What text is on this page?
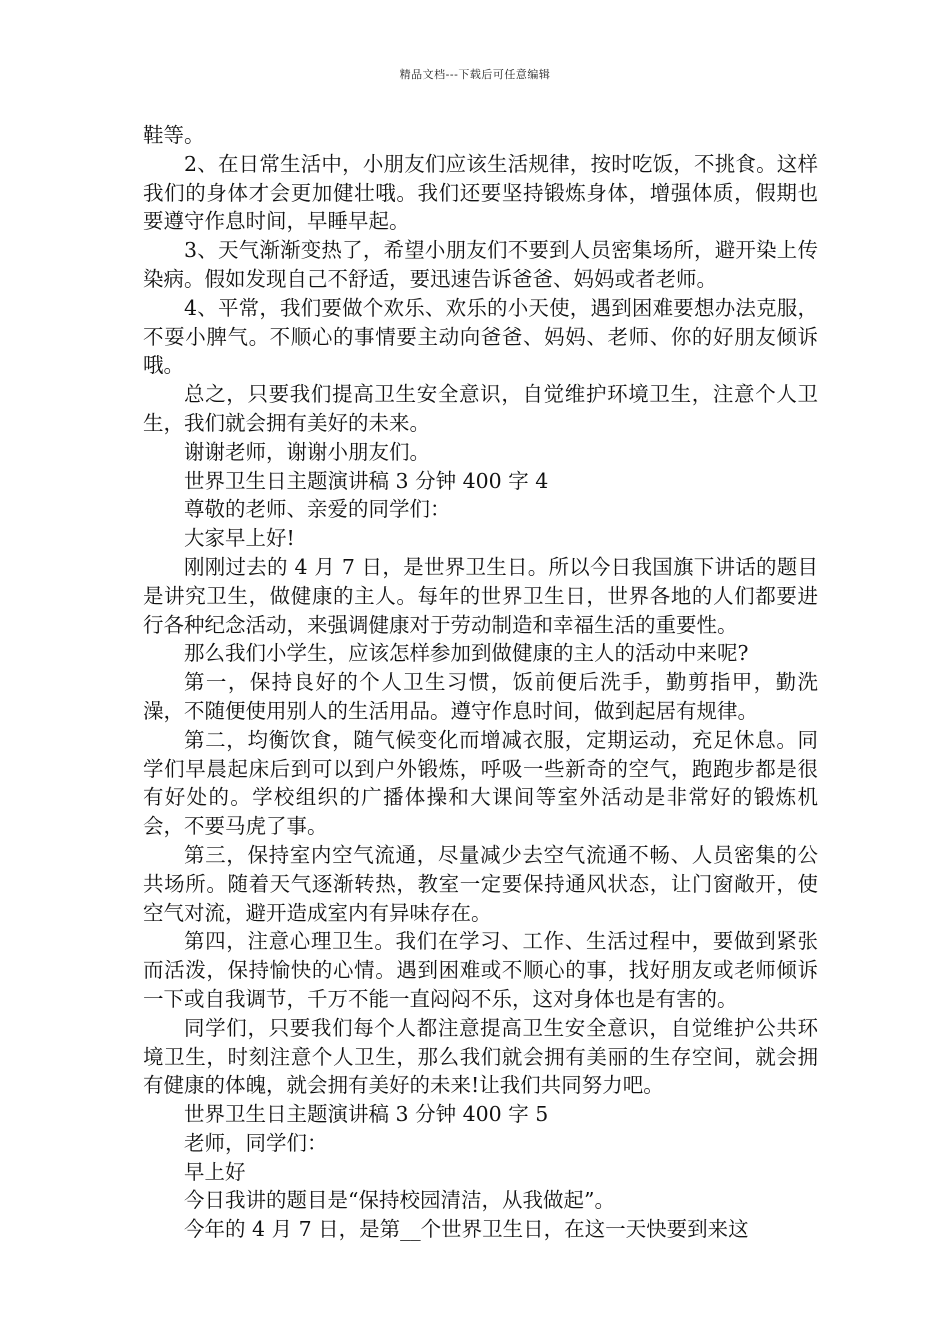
精品文档---下载后可任意编辑

鞋等。

2、在日常生活中，小朋友们应该生活规律，按时吃饭，不挑食。这样我们的身体才会更加健壮哦。我们还要坚持锻炼身体，增强体质，假期也要遵守作息时间，早睡早起。

3、天气渐渐变热了，希望小朋友们不要到人员密集场所，避开染上传染病。假如发现自己不舒适，要迅速告诉爸爸、妈妈或者老师。

4、平常，我们要做个欢乐、欢乐的小天使，遇到困难要想办法克服，不耍小脾气。不顺心的事情要主动向爸爸、妈妈、老师、你的好朋友倾诉哦。

总之，只要我们提高卫生安全意识，自觉维护环境卫生，注意个人卫生，我们就会拥有美好的未来。

谢谢老师，谢谢小朋友们。

世界卫生日主题演讲稿 3 分钟 400 字 4

尊敬的老师、亲爱的同学们：

大家早上好!

刚刚过去的 4 月 7 日，是世界卫生日。所以今日我国旗下讲话的题目是讲究卫生，做健康的主人。每年的世界卫生日，世界各地的人们都要进行各种纪念活动，来强调健康对于劳动制造和幸福生活的重要性。

那么我们小学生，应该怎样参加到做健康的主人的活动中来呢?

第一，保持良好的个人卫生习惯，饭前便后洗手，勤剪指甲，勤洗澡，不随便使用别人的生活用品。遵守作息时间，做到起居有规律。

第二，均衡饮食，随气候变化而增减衣服，定期运动，充足休息。同学们早晨起床后到可以到户外锻炼，呼吸一些新奇的空气，跑跑步都是很有好处的。学校组织的广播体操和大课间等室外活动是非常好的锻炼机会，不要马虎了事。

第三，保持室内空气流通，尽量减少去空气流通不畅、人员密集的公共场所。随着天气逐渐转热，教室一定要保持通风状态，让门窗敞开，使空气对流，避开造成室内有异味存在。

第四，注意心理卫生。我们在学习、工作、生活过程中，要做到紧张而活泼，保持愉快的心情。遇到困难或不顺心的事，找好朋友或老师倾诉一下或自我调节，千万不能一直闷闷不乐，这对身体也是有害的。

同学们，只要我们每个人都注意提高卫生安全意识，自觉维护公共环境卫生，时刻注意个人卫生，那么我们就会拥有美丽的生存空间，就会拥有健康的体魄，就会拥有美好的未来!让我们共同努力吧。

世界卫生日主题演讲稿 3 分钟 400 字 5

老师，同学们：

早上好

今日我讲的题目是“保持校园清洁，从我做起”。

今年的 4 月 7 日，是第__个世界卫生日，在这一天快要到来这
